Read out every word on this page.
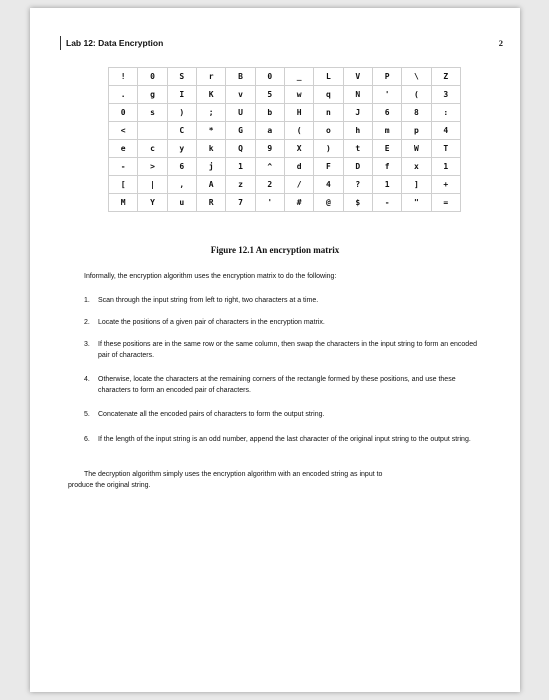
Lab 12: Data Encryption	2
!	0	S	r	B	0	_	L	V	P	\	Z
.	g	I	K	v	5	w	q	N	'	(	3
0	s	)	;	U	b	H	n	J	6	8	:
<		C	*	G	a	(	o	h	m	p	4
e	c	y	k	Q	9	X	)	t	E	W	T
-	>	6	j	1	^	d	F	D	f	x	1
[	|	,	A	z	2	/	4	?	1	]	+
M	Y	u	R	7	'	#	@	$	-	"	=
Figure 12.1 An encryption matrix
Informally, the encryption algorithm uses the encryption matrix to do the following:
1. Scan through the input string from left to right, two characters at a time.
2. Locate the positions of a given pair of characters in the encryption matrix.
3. If these positions are in the same row or the same column, then swap the characters in the input string to form an encoded pair of characters.
4. Otherwise, locate the characters at the remaining corners of the rectangle formed by these positions, and use these characters to form an encoded pair of characters.
5. Concatenate all the encoded pairs of characters to form the output string.
6. If the length of the input string is an odd number, append the last character of the original input string to the output string.
The decryption algorithm simply uses the encryption algorithm with an encoded string as input to
produce the original string.
